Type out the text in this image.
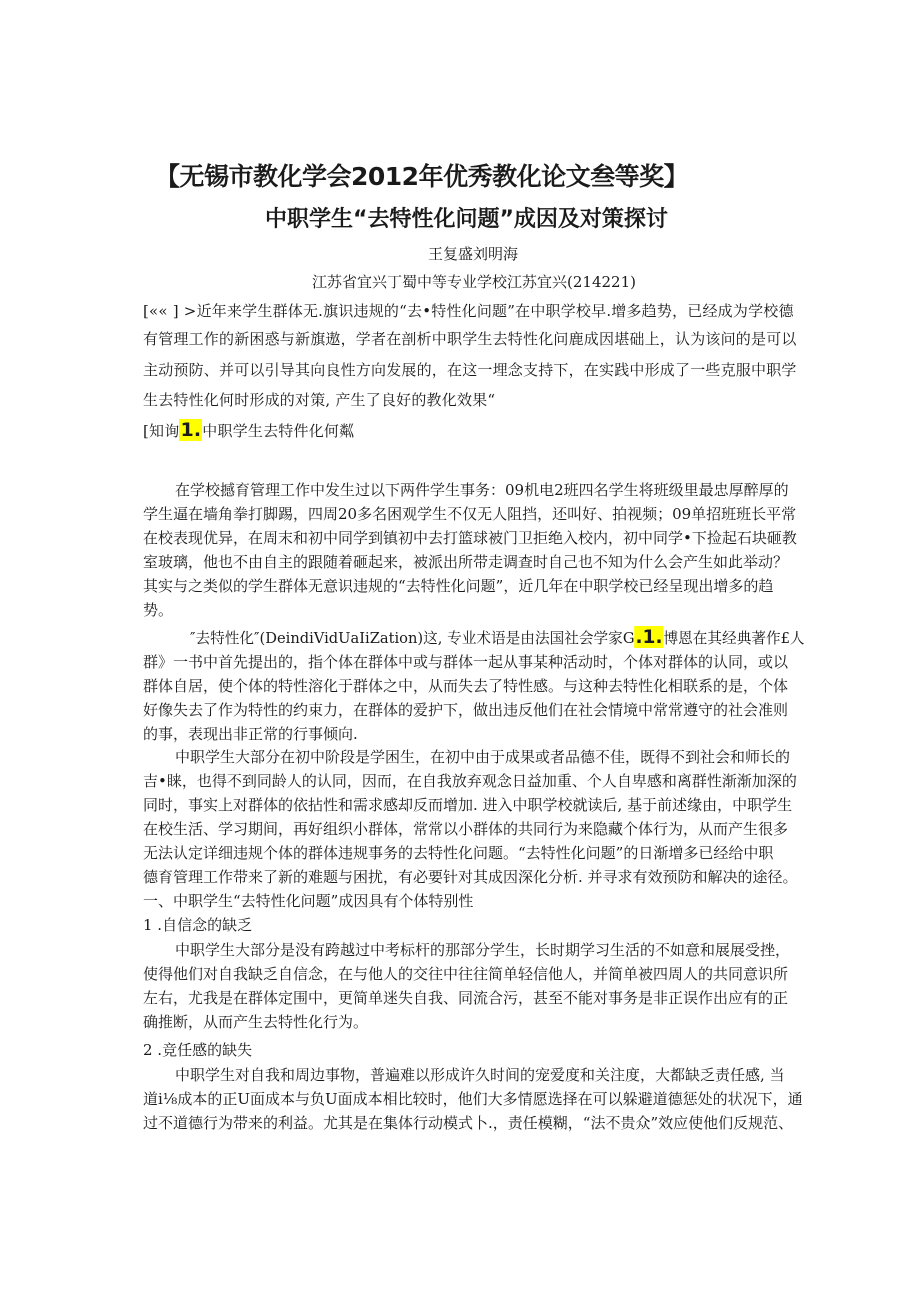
【无锡市教化学会2012年优秀教化论文叁等奖】
中职学生“去特性化问题”成因及对策探讨
王复盛刘明海
江苏省宜兴丁蜀中等专业学校江苏宜兴(214221)
[«« ] >近年来学生群体无.旗识违规的“去•特性化问题”在中职学校早.增多趋势，已经成为学校德
有管理工作的新困惑与新旗遨，学者在剖析中职学生去特性化问鹿成因堪础上，认为该问的是可以
主动预防、并可以引导其向良性方向发展的，在这一埋念支持下，在实践中形成了一些克服中职学
生去特性化何时形成的对策, 产生了良好的教化效果“
[知询1.中职学生去特件化何粼
在学校撼育管理工作中发生过以下两件学生事务：09机电2班四名学生将班级里最忠厚醉厚的
学生逼在墙角拳打脚踢，四周20多名困观学生不仅无人阻挡，还叫好、拍视频；09单招班班长平常
在校表现优异，在周末和初中同学到镇初中去打篮球被门卫拒绝入校内，初中同学•下捡起石块砸教
室玻璃，他也不由自主的跟随着砸起来，被派出所带走调查时自己也不知为什么会产生如此举动？
其实与之类似的学生群体无意识违规的“去特性化问题”，近几年在中职学校已经呈现出增多的趋
势。
″去特性化″(DeindiVidUaIiZation)这, 专业术语是由法国社会学家G.1.博恩在其经典著作£人
群》一书中首先提出的，指个体在群体中或与群体一起从事某种活动时，个体对群体的认同，或以
群体自居，使个体的特性溶化于群体之中，从而失去了特性感。与这种去特性化相联系的是，个体
好像失去了作为特性的约束力，在群体的爱护下，做出违反他们在社会情境中常常遵守的社会准则
的事，表现出非正常的行事倾向.
中职学生大部分在初中阶段是学困生，在初中由于成果或者品德不佳，既得不到社会和师长的
吉•睐，也得不到同龄人的认同，因而，在自我放弃观念日益加重、个人自卑感和离群性渐渐加深的
同时，事实上对群体的依拈性和需求感却反而增加. 进入中职学校就读后, 基于前述缘由，中职学生
在校生活、学习期间，再好组织小群体，常常以小群体的共同行为来隐藏个体行为，从而产生很多
无法认定详细违规个体的群体违规事务的去特性化问题。“去特性化问题”的日渐增多已经给中职
德育管理工作带来了新的难题与困扰，有必要针对其成因深化分析. 并寻求有效预防和解决的途径。
一、中职学生“去特性化问题”成因具有个体特别性
1 .自信念的缺乏
中职学生大部分是没有跨越过中考标杆的那部分学生，长时期学习生活的不如意和展展受挫，
使得他们对自我缺乏自信念，在与他人的交往中往往简单轻信他人，并简单被四周人的共同意识所
左右，尤我是在群体定围中，更简单迷失自我、同流合污，甚至不能对事务是非正误作出应有的正
确推断，从而产生去特性化行为。
2 .竞任感的缺失
中职学生对自我和周边事物，普遍难以形成许久时间的宠爱度和关注度，大都缺乏责任感, 当
道i⅛成本的正U面成本与负U面成本相比较时，他们大多情愿选择在可以躲避道德惩处的状况下，通
过不道德行为带来的利益。尤其是在集体行动模式卜.，责任模糊，“法不贵众”效应使他们反规范、
